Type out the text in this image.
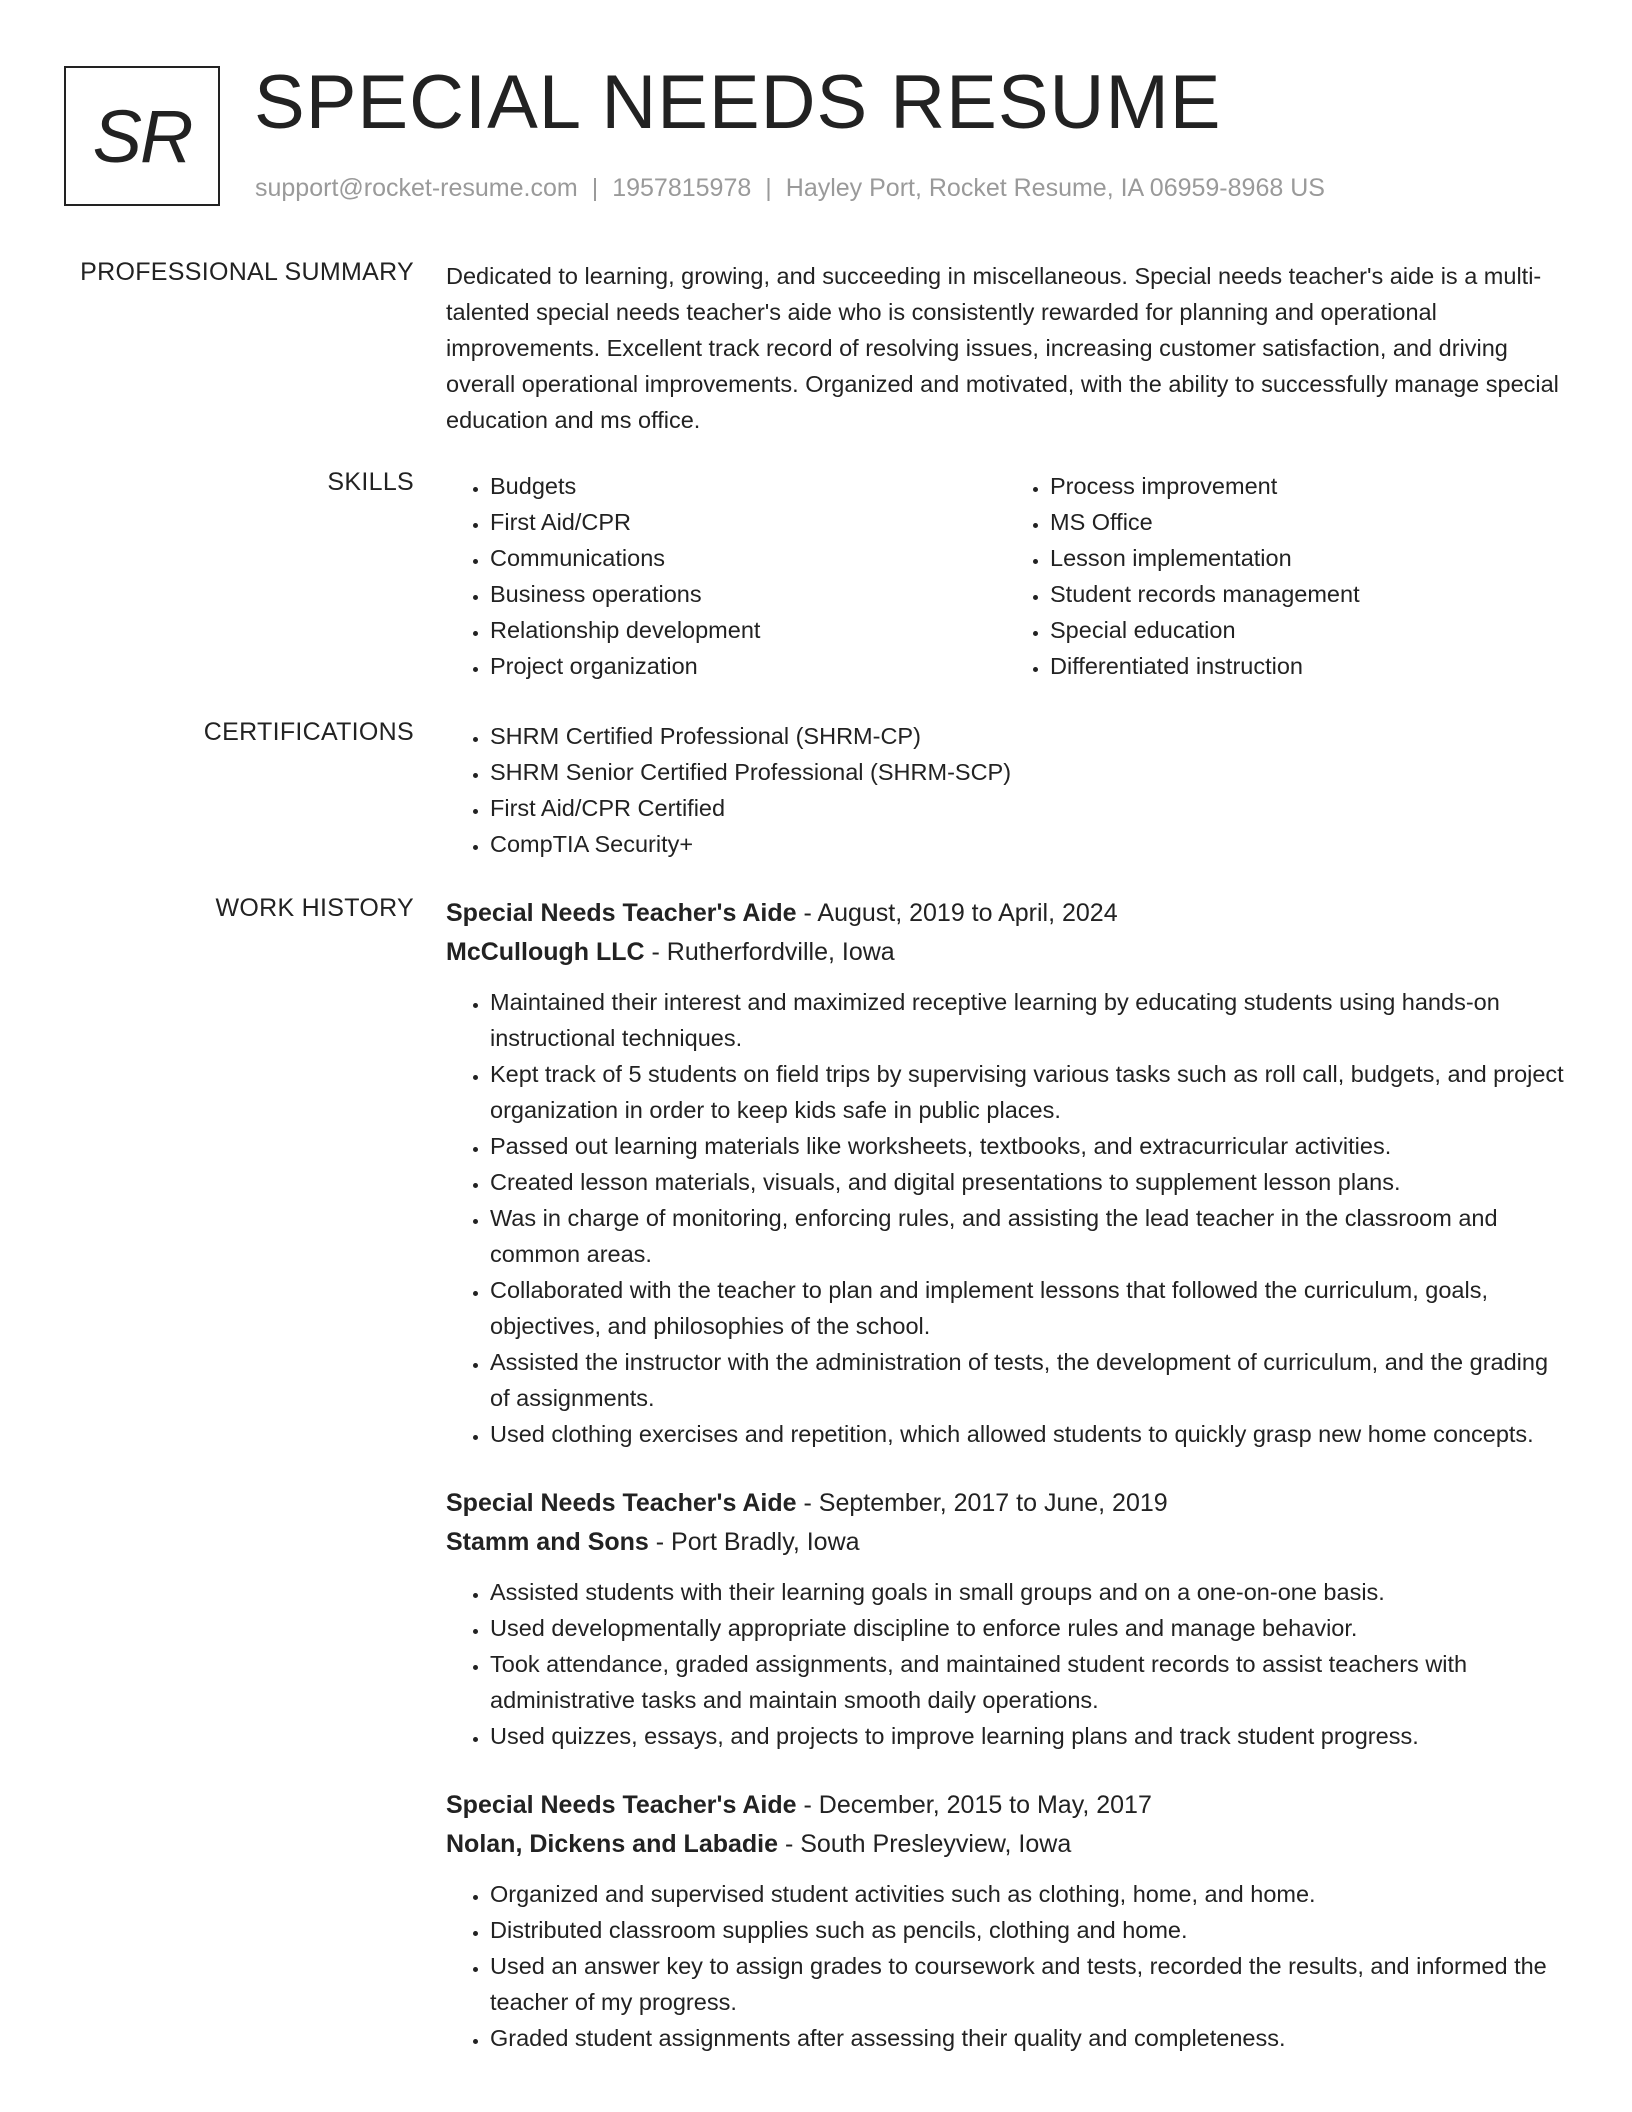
SR SPECIAL NEEDS RESUME
support@rocket-resume.com | 1957815978 | Hayley Port, Rocket Resume, IA 06959-8968 US
PROFESSIONAL SUMMARY Dedicated to learning, growing, and succeeding in miscellaneous. Special needs teacher's aide is a multi-talented special needs teacher's aide who is consistently rewarded for planning and operational improvements. Excellent track record of resolving issues, increasing customer satisfaction, and driving overall operational improvements. Organized and motivated, with the ability to successfully manage special education and ms office.

SKILLS	• Budgets
• First Aid/CPR
• Communications
• Business operations
• Relationship development
• Project organization
• Process improvement
• MS Office
• Lesson implementation
• Student records management
• Special education
• Differentiated instruction
CERTIFICATIONS	• SHRM Certified Professional (SHRM-CP)
• SHRM Senior Certified Professional (SHRM-SCP)
• First Aid/CPR Certified
• CompTIA Security+
WORK HISTORY Special Needs Teacher's Aide - August, 2019 to April, 2024
McCullough LLC - Rutherfordville, Iowa
• Maintained their interest and maximized receptive learning by educating students using hands-on instructional techniques.
• Kept track of 5 students on field trips by supervising various tasks such as roll call, budgets, and project organization in order to keep kids safe in public places.
• Passed out learning materials like worksheets, textbooks, and extracurricular activities.
• Created lesson materials, visuals, and digital presentations to supplement lesson plans.
• Was in charge of monitoring, enforcing rules, and assisting the lead teacher in the classroom and common areas.
• Collaborated with the teacher to plan and implement lessons that followed the curriculum, goals, objectives, and philosophies of the school.
• Assisted the instructor with the administration of tests, the development of curriculum, and the grading of assignments.
• Used clothing exercises and repetition, which allowed students to quickly grasp new home concepts.
Special Needs Teacher's Aide - September, 2017 to June, 2019
Stamm and Sons - Port Bradly, Iowa
• Assisted students with their learning goals in small groups and on a one-on-one basis.
• Used developmentally appropriate discipline to enforce rules and manage behavior.
• Took attendance, graded assignments, and maintained student records to assist teachers with administrative tasks and maintain smooth daily operations.
• Used quizzes, essays, and projects to improve learning plans and track student progress.
Special Needs Teacher's Aide - December, 2015 to May, 2017
Nolan, Dickens and Labadie - South Presleyview, Iowa
• Organized and supervised student activities such as clothing, home, and home.
• Distributed classroom supplies such as pencils, clothing and home.
• Used an answer key to assign grades to coursework and tests, recorded the results, and informed the teacher of my progress.
• Graded student assignments after assessing their quality and completeness.
